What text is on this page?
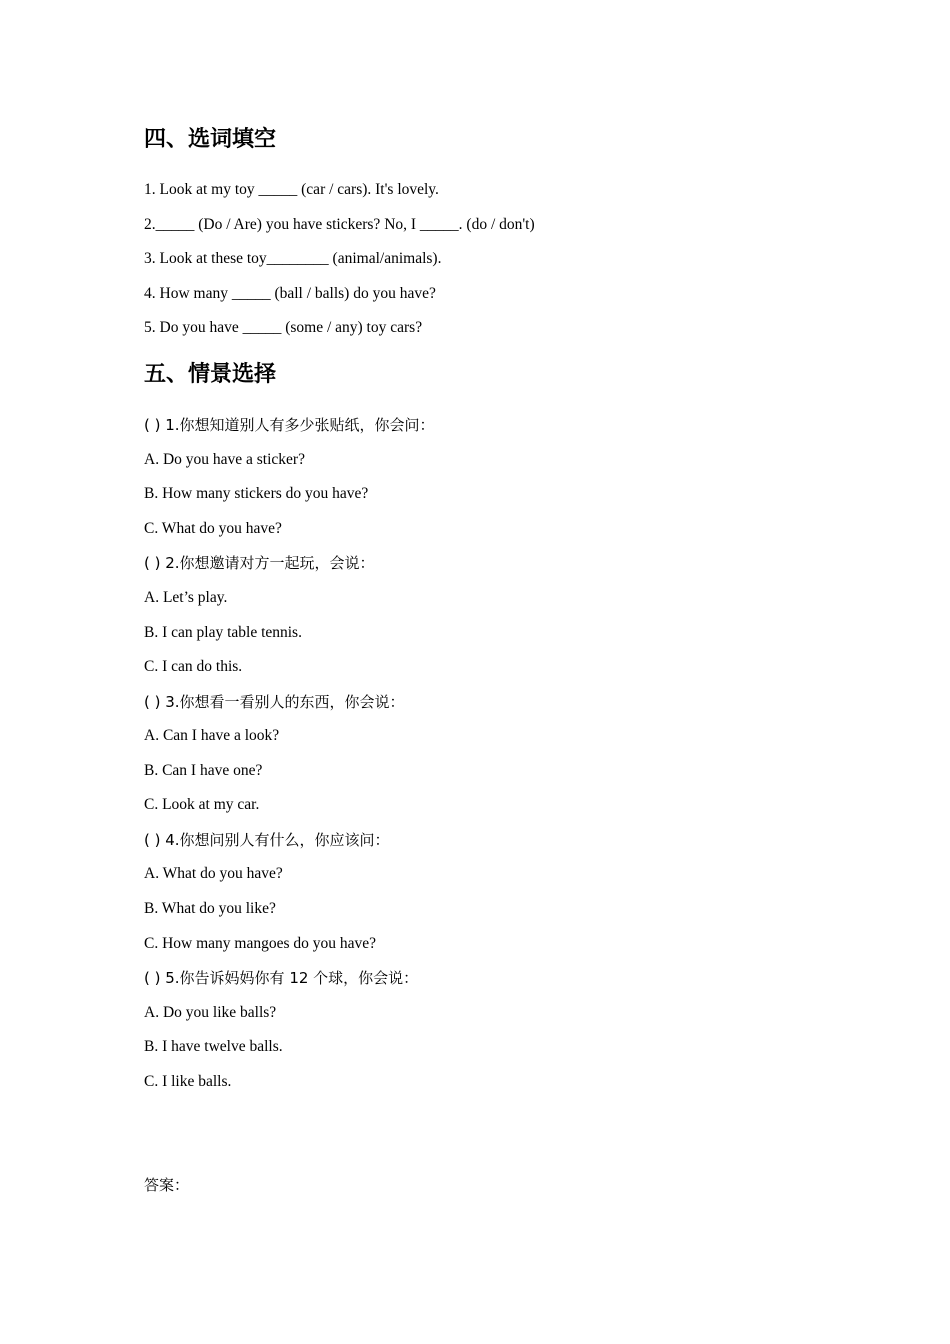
四、选词填空
1. Look at my toy _____ (car / cars). It's lovely.
2._____ (Do / Are) you have stickers? No, I _____. (do / don't)
3. Look at these toy________ (animal/animals).
4. How many _____ (ball / balls) do you have?
5. Do you have _____ (some / any) toy cars?
五、情景选择
( ) 1.你想知道别人有多少张贴纸，你会问：
A. Do you have a sticker?
B. How many stickers do you have?
C. What do you have?
( ) 2.你想邀请对方一起玩，会说：
A. Let’s play.
B. I can play table tennis.
C. I can do this.
( ) 3.你想看一看别人的东西，你会说：
A. Can I have a look?
B. Can I have one?
C. Look at my car.
( ) 4.你想问别人有什么，你应该问：
A. What do you have?
B. What do you like?
C. How many mangoes do you have?
( ) 5.你告诉妈妈你有 12 个球，你会说：
A. Do you like balls?
B. I have twelve balls.
C. I like balls.
答案：
